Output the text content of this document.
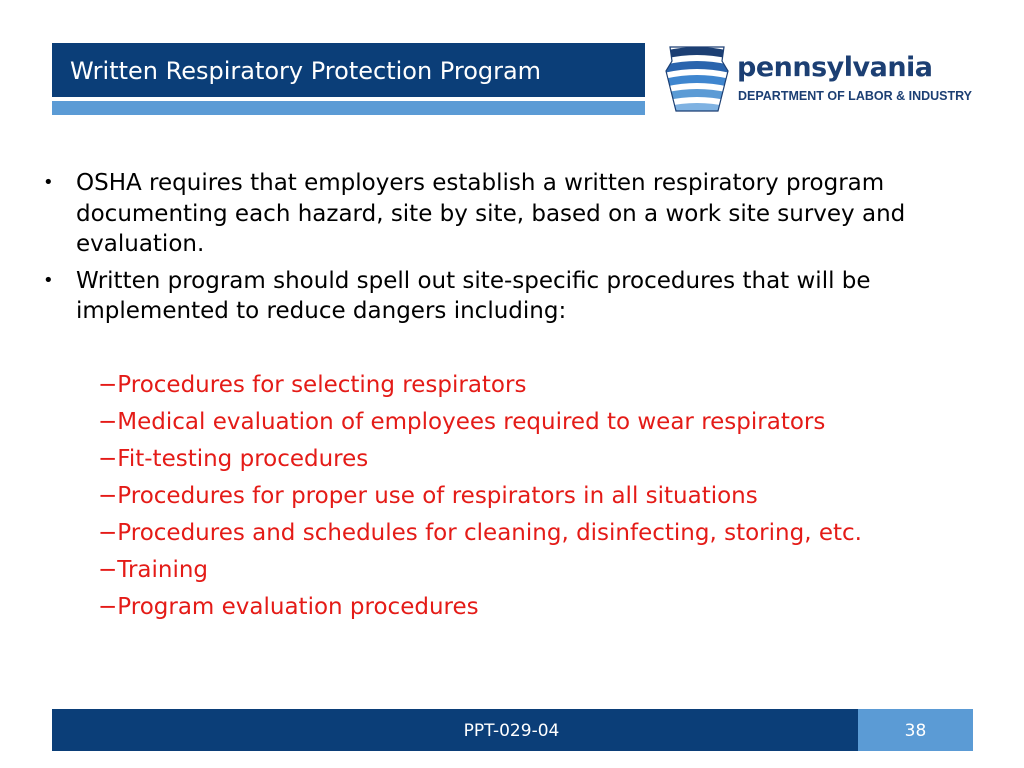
Written Respiratory Protection Program	pennsylvania
DEPARTMENT OF LABOR & INDUSTRY
• OSHA requires that employers establish a written respiratory program documenting each hazard, site by site, based on a work site survey and evaluation.
• Written program should spell out site-specific procedures that will be implemented to reduce dangers including:
−Procedures for selecting respirators
−Medical evaluation of employees required to wear respirators
−Fit-testing procedures
−Procedures for proper use of respirators in all situations
−Procedures and schedules for cleaning, disinfecting, storing, etc.
−Training
−Program evaluation procedures
PPT-029-04	38
